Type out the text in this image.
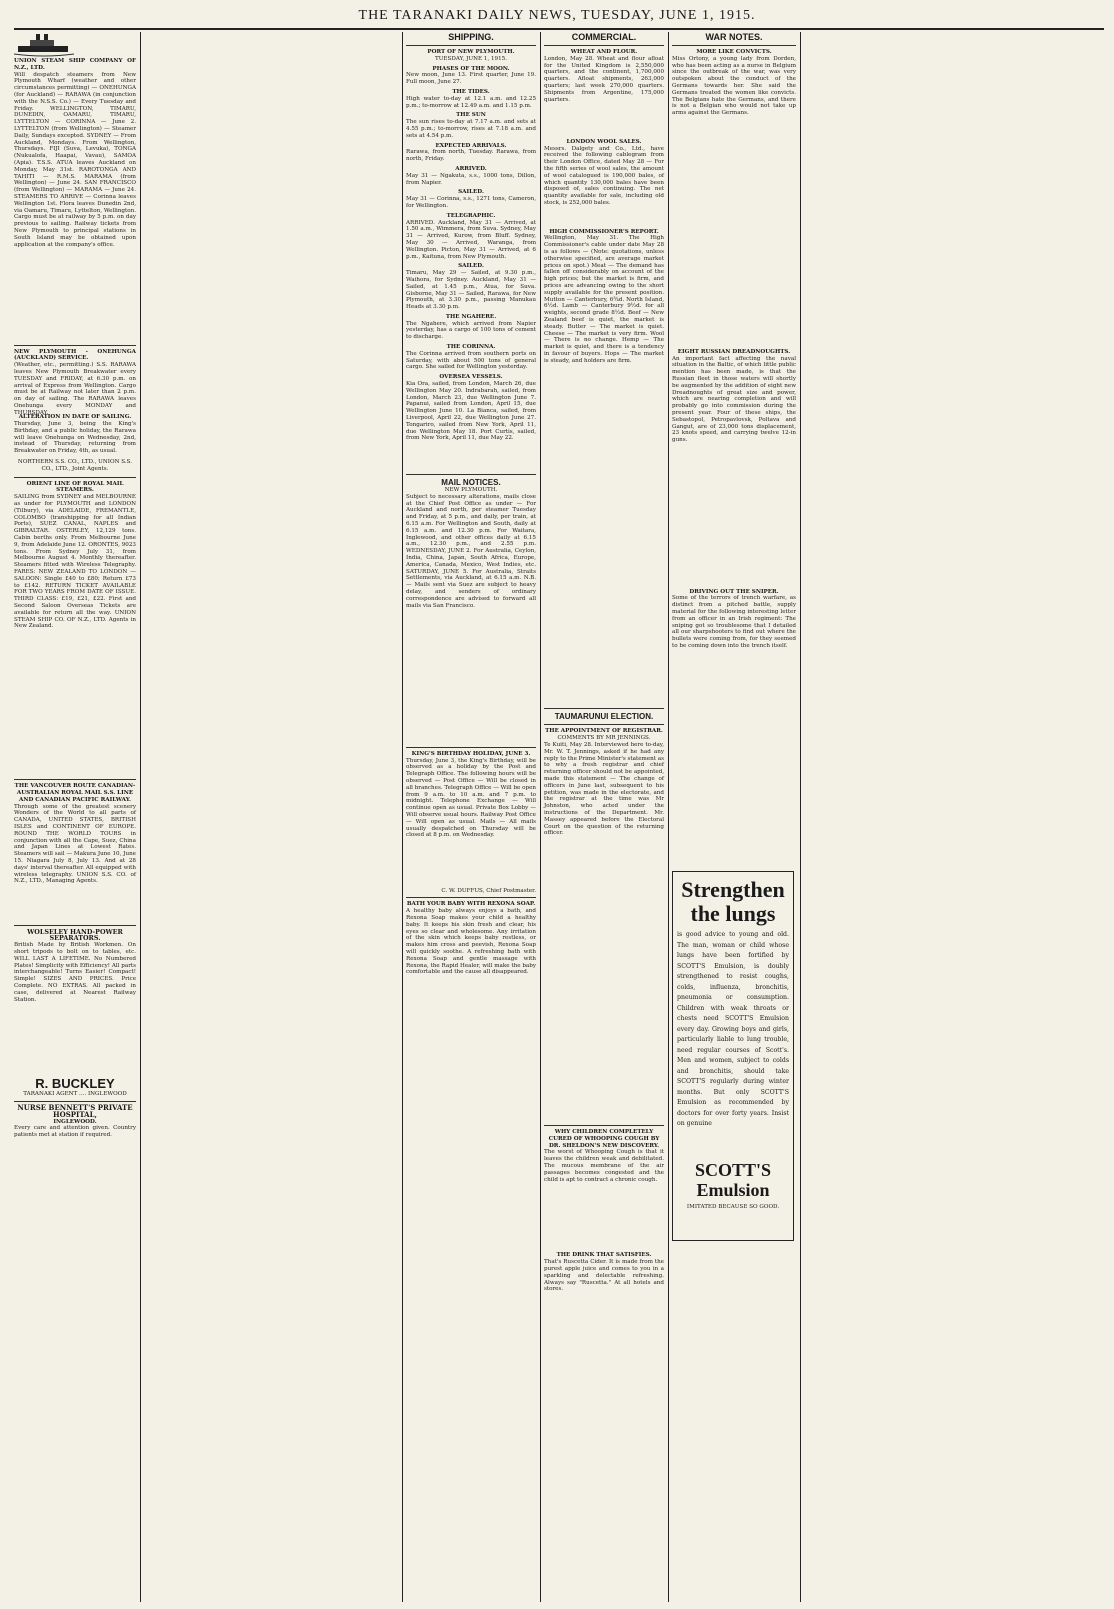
THE TARANAKI DAILY NEWS, TUESDAY, JUNE 1, 1915.
UNION STEAM SHIP COMPANY OF N.Z., LTD.
Will despatch steamers from New Plymouth Wharf (weather and other circumstances permitting) — ONEHUNGA (for Auckland) — RARAWA (in conjunction with the N.S.S. Co.) — Every Tuesday and Friday. WELLINGTON, TIMARU, DUNEDIN, OAMARU, TIMARU, LYTTELTON — CORINNA — June 2. LYTTELTON (from Wellington) — Steamer Daily, Sundays excepted. SYDNEY — From Auckland, Mondays. From Wellington, Thursdays. FIJI (Suva, Levuka), TONGA (Nukualofa, Haapai, Vavau), SAMOA (Apia). T.S.S. ATUA leaves Auckland on Monday, May 31st. RAROTONGA AND TAHITI — R.M.S. MARAMA (from Wellington) — June 24. SAN FRANCISCO (from Wellington) — MARAMA — June 24. STEAMERS TO ARRIVE — Corinna leaves Wellington 1st. Flora leaves Dunedin 2nd, via Oamaru, Timaru, Lyttelton, Wellington. Cargo must be at railway by 5 p.m. on day previous to sailing. Railway tickets from New Plymouth to principal stations in South Island may be obtained upon application at the company's office.
NEW PLYMOUTH - ONEHUNGA (AUCKLAND) SERVICE.
(Weather, etc., permitting.) S.S. RARAWA leaves New Plymouth Breakwater every TUESDAY and FRIDAY, at 6.30 p.m. on arrival of Express from Wellington. Cargo must be at Railway not later than 2 p.m. on day of sailing. The RARAWA leaves Onehunga every MONDAY and THURSDAY.
ALTERATION IN DATE OF SAILING.
Thursday, June 3, being the King's Birthday, and a public holiday, the Rarawa will leave Onehunga on Wednesday, 2nd, instead of Thursday, returning from Breakwater on Friday, 4th, as usual.
NORTHERN S.S. CO., LTD., UNION S.S. CO., LTD., Joint Agents.
ORIENT LINE OF ROYAL MAIL STEAMERS.
SAILING from SYDNEY and MELBOURNE as under for PLYMOUTH and LONDON (Tilbury), via ADELAIDE, FREMANTLE, COLOMBO (transhipping for all Indian Ports), SUEZ CANAL, NAPLES and GIBRALTAR. OSTERLEY, 12,129 tons. Cabin berths only. From Melbourne June 9, from Adelaide June 12. ORONTES, 9023 tons. From Sydney July 31, from Melbourne August 4. Monthly thereafter. Steamers fitted with Wireless Telegraphy. FARES: NEW ZEALAND TO LONDON — SALOON: Single £40 to £80; Return £73 to £142. RETURN TICKET AVAILABLE FOR TWO YEARS FROM DATE OF ISSUE. THIRD CLASS: £19, £21, £22. First and Second Saloon Overseas Tickets are available for return all the way. UNION STEAM SHIP CO. OF N.Z., LTD. Agents in New Zealand.
THE VANCOUVER ROUTE CANADIAN-AUSTRALIAN ROYAL MAIL S.S. LINE AND CANADIAN PACIFIC RAILWAY.
Through some of the greatest scenery Wonders of the World to all parts of CANADA, UNITED STATES, BRITISH ISLES and CONTINENT OF EUROPE. ROUND THE WORLD TOURS in conjunction with all the Cape, Suez, China and Japan Lines at Lowest Rates. Steamers will sail — Makura June 10, June 15. Niagara July 8, July 13. And at 28 days' interval thereafter. All equipped with wireless telegraphy. UNION S.S. CO. of N.Z., LTD., Managing Agents.
WOLSELEY HAND-POWER SEPARATORS.
British Made by British Workmen. On short tripods to bolt on to tables, etc. WILL LAST A LIFETIME. No Numbered Plates! Simplicity with Efficiency! All parts interchangeable! Turns Easier! Compact! Simple! SIZES AND PRICES. Price Complete. NO EXTRAS. All packed in case, delivered at Nearest Railway Station.
R. BUCKLEY
TARANAKI AGENT .... INGLEWOOD
NURSE BENNETT'S PRIVATE HOSPITAL,
INGLEWOOD.
Every care and attention given. Country patients met at station if required.
SHIPPING.
PORT OF NEW PLYMOUTH.
TUESDAY, JUNE 1, 1915.
PHASES OF THE MOON.
New moon, June 13. First quarter, June 19. Full moon, June 27.
THE TIDES.
High water to-day at 12.1 a.m. and 12.25 p.m.; to-morrow at 12.49 a.m. and 1.15 p.m.
THE SUN
The sun rises to-day at 7.17 a.m. and sets at 4.55 p.m.; to-morrow, rises at 7.18 a.m. and sets at 4.54 p.m.
EXPECTED ARRIVALS.
Rarawa, from north, Tuesday. Rarawa, from north, Friday.
ARRIVED.
May 31 — Ngakuta, s.s., 1000 tons, Dillon, from Napier.
SAILED.
May 31 — Corinna, s.s., 1271 tons, Cameron, for Wellington.
TELEGRAPHIC.
ARRIVED. Auckland, May 31 — Arrived, at 1.50 a.m., Wimmera, from Suva. Sydney, May 31 — Arrived, Kurow, from Bluff. Sydney, May 30 — Arrived, Waranga, from Wellington. Picton, May 31 — Arrived, at 6 p.m., Kaituna, from New Plymouth.
SAILED.
Timaru, May 29 — Sailed, at 9.30 p.m., Waihora, for Sydney. Auckland, May 31 — Sailed, at 1.45 p.m., Atua, for Suva. Gisborne, May 31 — Sailed, Rarawa, for New Plymouth, at 3.30 p.m., passing Manukau Heads at 3.30 p.m.
THE NGAHERE.
The Ngahere, which arrived from Napier yesterday, has a cargo of 100 tons of cement to discharge.
THE CORINNA.
The Corinna arrived from southern ports on Saturday, with about 500 tons of general cargo. She sailed for Wellington yesterday.
OVERSEA VESSELS.
Kia Ora, sailed, from London, March 26, due Wellington May 20. Indrabarah, sailed, from London, March 23, due Wellington June 7. Papanui, sailed from London, April 15, due Wellington June 10. La Bianca, sailed, from Liverpool, April 22, due Wellington June 27. Tongariro, sailed from New York, April 11, due Wellington May 18. Port Curtis, sailed, from New York, April 11, due May 22.
MAIL NOTICES.
NEW PLYMOUTH.
Subject to necessary alterations, mails close at the Chief Post Office as under — For Auckland and north, per steamer Tuesday and Friday, at 5 p.m., and daily, per train, at 6.15 a.m. For Wellington and South, daily at 6.15 a.m. and 12.30 p.m. For Waitara, Inglewood, and other offices daily at 6.15 a.m., 12.30 p.m., and 2.55 p.m. WEDNESDAY, JUNE 2. For Australia, Ceylon, India, China, Japan, South Africa, Europe, America, Canada, Mexico, West Indies, etc. SATURDAY, JUNE 5. For Australia, Straits Settlements, via Auckland, at 6.15 a.m. N.B. — Mails sent via Suez are subject to heavy delay, and senders of ordinary correspondence are advised to forward all mails via San Francisco.
KING'S BIRTHDAY HOLIDAY, JUNE 3.
Thursday, June 3, the King's Birthday, will be observed as a holiday by the Post and Telegraph Office. The following hours will be observed — Post Office — Will be closed in all branches. Telegraph Office — Will be open from 9 a.m. to 10 a.m. and 7 p.m. to midnight. Telephone Exchange — Will continue open as usual. Private Box Lobby — Will observe usual hours. Railway Post Office — Will open as usual. Mails — All mails usually despatched on Thursday will be closed at 8 p.m. on Wednesday.
C. W. DUFFUS, Chief Postmaster.
BATH YOUR BABY WITH REXONA SOAP.
A healthy baby always enjoys a bath, and Rexona Soap makes your child a healthy baby. It keeps his skin fresh and clear, his eyes so clear and wholesome. Any irritation of the skin which keeps baby restless, or makes him cross and peevish, Rexona Soap will quickly soothe. A refreshing bath with Rexona Soap and gentle massage with Rexona, the Rapid Healer, will make the baby comfortable and the cause all disappeared.
COMMERCIAL.
WHEAT AND FLOUR.
London, May 28. Wheat and flour afloat for the United Kingdom is 2,550,000 quarters, and the continent, 1,700,000 quarters. Afloat shipments, 263,000 quarters; last week 270,000 quarters. Shipments from Argentine, 175,000 quarters.
LONDON WOOL SALES.
Messrs. Dalgety and Co., Ltd., have received the following cablegram from their London Office, dated May 28 — For the fifth series of wool sales, the amount of wool catalogued is 190,000 bales, of which quantity 130,000 bales have been disposed of, sales continuing. The net quantity available for sale, including old stock, is 252,000 bales.
HIGH COMMISSIONER'S REPORT.
Wellington, May 31. The High Commissioner's cable under date May 28 is as follows — (Note: quotations, unless otherwise specified, are average market prices on spot.) Meat — The demand has fallen off considerably on account of the high prices; but the market is firm, and prices are advancing owing to the short supply available for the present position. Mutton — Canterbury, 6¾d. North Island, 6½d. Lamb — Canterbury 9½d. for all weights, second grade 8½d. Beef — New Zealand beef is quiet, the market is steady. Butter — The market is quiet. Cheese — The market is very firm. Wool — There is no change. Hemp — The market is quiet, and there is a tendency in favour of buyers. Hops — The market is steady, and holders are firm.
TAUMARUNUI ELECTION.
THE APPOINTMENT OF REGISTRAR.
COMMENTS BY MR JENNINGS.
Te Kuiti, May 28. Interviewed here to-day, Mr. W. T. Jennings, asked if he had any reply to the Prime Minister's statement as to why a fresh registrar and chief returning officer should not be appointed, made this statement — The change of officers in June last, subsequent to his petition, was made in the electorate, and the registrar at the time was Mr Johnston, who acted under the instructions of the Department. Mr. Massey appeared before the Electoral Court on the question of the returning officer.
WHY CHILDREN COMPLETELY CURED OF WHOOPING COUGH BY DR. SHELDON'S NEW DISCOVERY.
The worst of Whooping Cough is that it leaves the children weak and debilitated. The mucous membrane of the air passages becomes congested and the child is apt to contract a chronic cough.
THE DRINK THAT SATISFIES.
That's Ruscetta Cider. It is made from the purest apple juice and comes to you in a sparkling and delectable refreshing. Always say "Ruscetta." At all hotels and stores.
WAR NOTES.
MORE LIKE CONVICTS.
Miss Ortony, a young lady from Dorden, who has been acting as a nurse in Belgium since the outbreak of the war, was very outspoken about the conduct of the Germans towards her. She said the Germans treated the women like convicts. The Belgians hate the Germans, and there is not a Belgian who would not take up arms against the Germans.
EIGHT RUSSIAN DREADNOUGHTS.
An important fact affecting the naval situation in the Baltic, of which little public mention has been made, is that the Russian fleet in those waters will shortly be augmented by the addition of eight new Dreadnoughts of great size and power, which are nearing completion and will probably go into commission during the present year. Four of these ships, the Sebastopol, Petropavlovsk, Poltava and Gangut, are of 23,000 tons displacement, 23 knots speed, and carrying twelve 12-in guns.
DRIVING OUT THE SNIPER.
Some of the terrors of trench warfare, as distinct from a pitched battle, supply material for the following interesting letter from an officer in an Irish regiment: The sniping got so troublesome that I detailed all our sharpshooters to find out where the bullets were coming from, for they seemed to be coming down into the trench itself.
Strengthen the lungs
is good advice to young and old. The man, woman or child whose lungs have been fortified by SCOTT'S Emulsion, is doubly strengthened to resist coughs, colds, influenza, bronchitis, pneumonia or consumption. Children with weak throats or chests need SCOTT'S Emulsion every day. Growing boys and girls, particularly liable to lung trouble, need regular courses of Scott's. Men and women, subject to colds and bronchitis, should take SCOTT'S regularly during winter months. But only SCOTT'S Emulsion as recommended by doctors for over forty years. Insist on genuine
SCOTT'S Emulsion
IMITATED BECAUSE SO GOOD.
